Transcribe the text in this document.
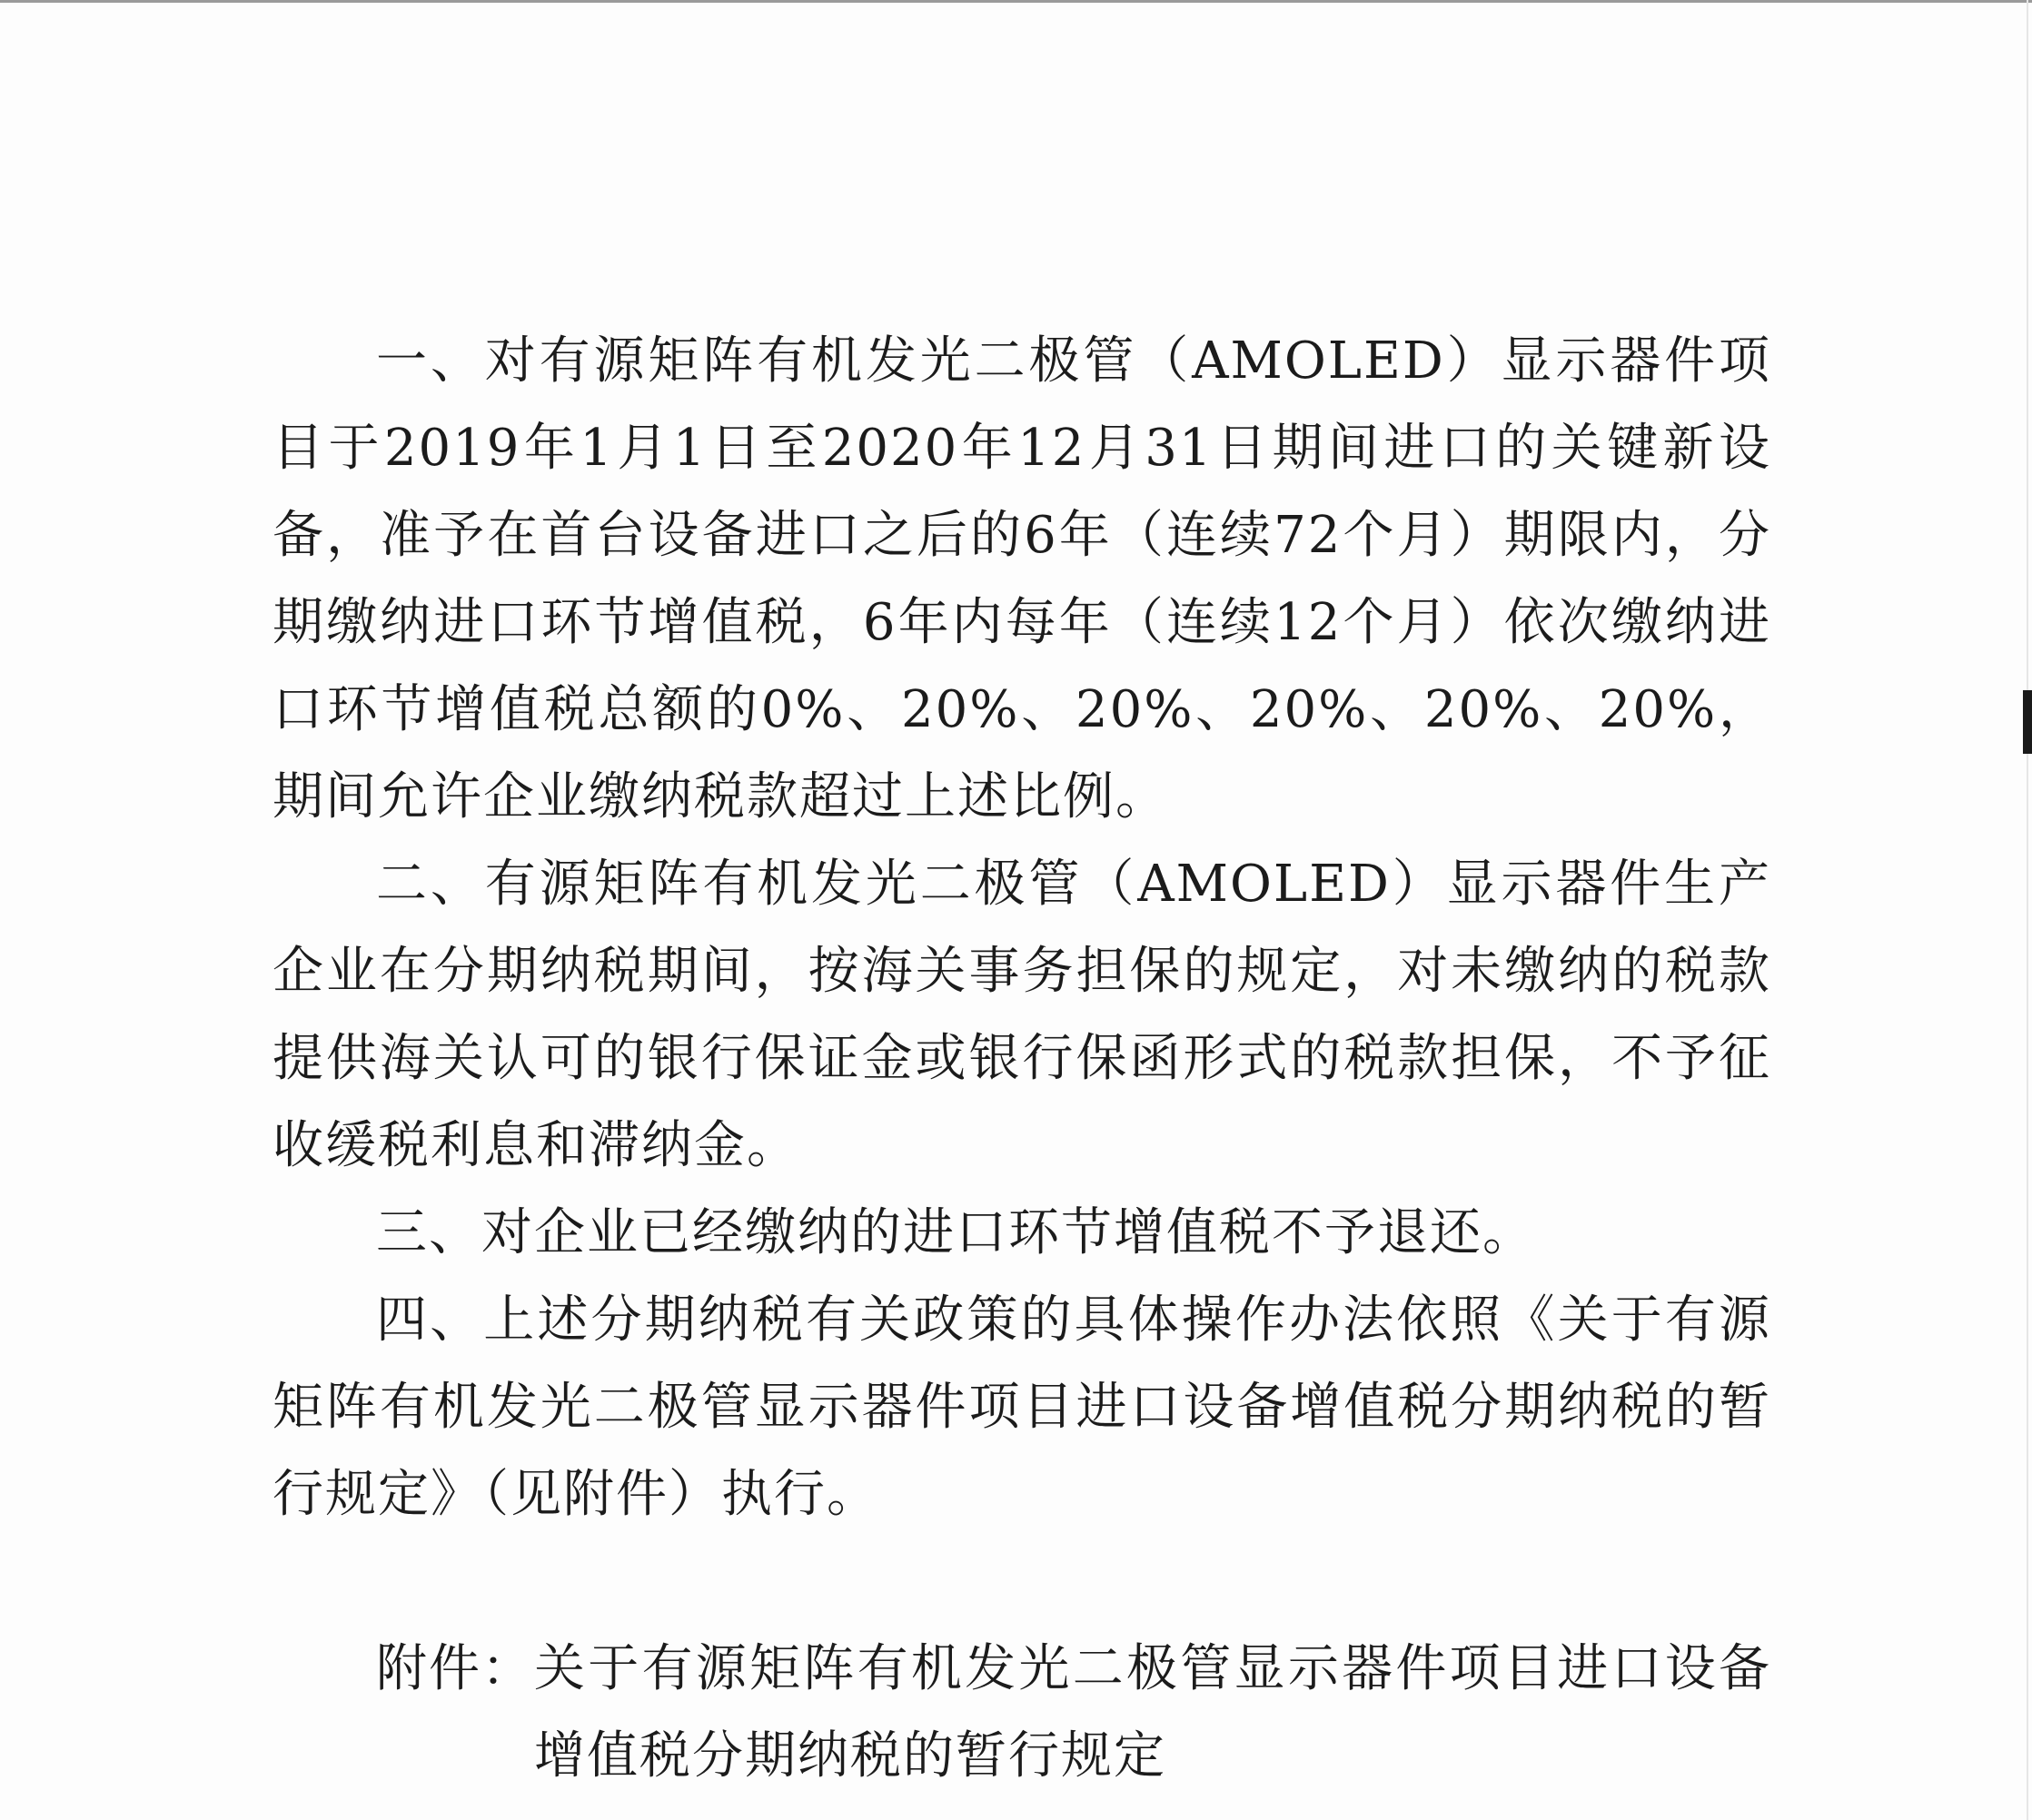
一、对有源矩阵有机发光二极管（AMOLED）显示器件项目于2019年1月1日至2020年12月31日期间进口的关键新设备，准予在首台设备进口之后的6年（连续72个月）期限内，分期缴纳进口环节增值税，6年内每年（连续12个月）依次缴纳进口环节增值税总额的0%、20%、20%、20%、20%、20%，期间允许企业缴纳税款超过上述比例。

二、有源矩阵有机发光二极管（AMOLED）显示器件生产企业在分期纳税期间，按海关事务担保的规定，对未缴纳的税款提供海关认可的银行保证金或银行保函形式的税款担保，不予征收缓税利息和滞纳金。

三、对企业已经缴纳的进口环节增值税不予退还。

四、上述分期纳税有关政策的具体操作办法依照《关于有源矩阵有机发光二极管显示器件项目进口设备增值税分期纳税的暂行规定》（见附件）执行。

附件： 关于有源矩阵有机发光二极管显示器件项目进口设备增值税分期纳税的暂行规定
